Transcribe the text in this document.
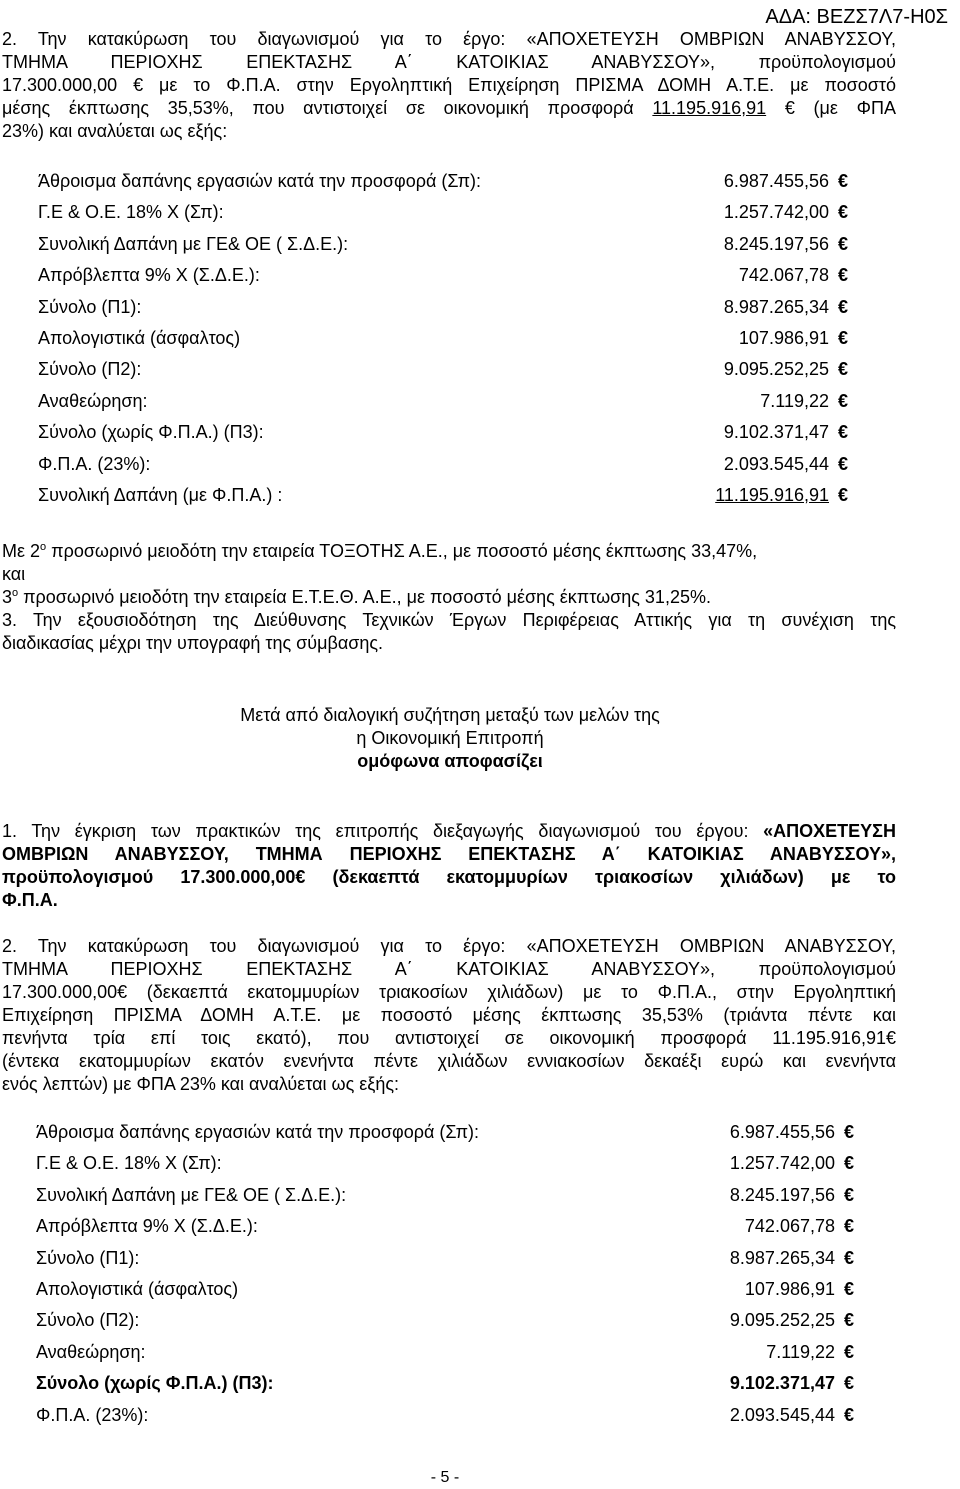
ΑΔΑ: ΒΕΖΣ7Λ7-Η0Σ
2. Την κατακύρωση του διαγωνισμού για το έργο: «ΑΠΟΧΕΤΕΥΣΗ ΟΜΒΡΙΩΝ ΑΝΑΒΥΣΣΟΥ,
ΤΜΗΜΑ ΠΕΡΙΟΧΗΣ ΕΠΕΚΤΑΣΗΣ Α΄ ΚΑΤΟΙΚΙΑΣ ΑΝΑΒΥΣΣΟΥ», προϋπολογισμού
17.300.000,00 € με το Φ.Π.Α. στην Εργοληπτική Επιχείρηση ΠΡΙΣΜΑ ΔΟΜΗ Α.Τ.Ε. με ποσοστό
μέσης έκπτωσης 35,53%, που αντιστοιχεί σε οικονομική προσφορά 11.195.916,91 € (με ΦΠΑ
23%) και αναλύεται ως εξής:
Άθροισμα δαπάνης εργασιών κατά την προσφορά (Σπ):	6.987.455,56 €
Γ.Ε & Ο.Ε. 18% Χ (Σπ):	1.257.742,00 €
Συνολική Δαπάνη με ΓΕ& ΟΕ ( Σ.Δ.Ε.):	8.245.197,56 €
Απρόβλεπτα 9% Χ (Σ.Δ.Ε.):	742.067,78 €
Σύνολο (Π1):	8.987.265,34 €
Απολογιστικά (άσφαλτος)	107.986,91 €
Σύνολο (Π2):	9.095.252,25 €
Αναθεώρηση:	7.119,22 €
Σύνολο (χωρίς Φ.Π.Α.) (Π3):	9.102.371,47 €
Φ.Π.Α. (23%):	2.093.545,44 €
Συνολική Δαπάνη (με Φ.Π.Α.) :	11.195.916,91 €
Με $2^o$ προσωρινό μειοδότη την εταιρεία ΤΟΞΟΤΗΣ Α.Ε., με ποσοστό μέσης έκπτωσης 33,47%,
και
$3^o$ προσωρινό μειοδότη την εταιρεία Ε.Τ.Ε.Θ. Α.Ε., με ποσοστό μέσης έκπτωσης 31,25%.
3. Την εξουσιοδότηση της Διεύθυνσης Τεχνικών Έργων Περιφέρειας Αττικής για τη συνέχιση της
διαδικασίας μέχρι την υπογραφή της σύμβασης.
Μετά από διαλογική συζήτηση μεταξύ των μελών της
η Οικονομική Επιτροπή
ομόφωνα αποφασίζει
1. Την έγκριση των πρακτικών της επιτροπής διεξαγωγής διαγωνισμού του έργου: «ΑΠΟΧΕΤΕΥΣΗ
ΟΜΒΡΙΩΝ ΑΝΑΒΥΣΣΟΥ, ΤΜΗΜΑ ΠΕΡΙΟΧΗΣ ΕΠΕΚΤΑΣΗΣ Α΄ ΚΑΤΟΙΚΙΑΣ ΑΝΑΒΥΣΣΟΥ»,
προϋπολογισμού 17.300.000,00€ (δεκαεπτά εκατομμυρίων τριακοσίων χιλιάδων) με το
Φ.Π.Α.
2. Την κατακύρωση του διαγωνισμού για το έργο: «ΑΠΟΧΕΤΕΥΣΗ ΟΜΒΡΙΩΝ ΑΝΑΒΥΣΣΟΥ,
ΤΜΗΜΑ ΠΕΡΙΟΧΗΣ ΕΠΕΚΤΑΣΗΣ Α΄ ΚΑΤΟΙΚΙΑΣ ΑΝΑΒΥΣΣΟΥ», προϋπολογισμού
17.300.000,00€ (δεκαεπτά εκατομμυρίων τριακοσίων χιλιάδων) με το Φ.Π.Α., στην Εργοληπτική
Επιχείρηση ΠΡΙΣΜΑ ΔΟΜΗ Α.Τ.Ε. με ποσοστό μέσης έκπτωσης 35,53% (τριάντα πέντε και
πενήντα τρία επί τοις εκατό), που αντιστοιχεί σε οικονομική προσφορά 11.195.916,91€
(έντεκα εκατομμυρίων εκατόν ενενήντα πέντε χιλιάδων εννιακοσίων δεκαέξι ευρώ και ενενήντα
ενός λεπτών) με ΦΠΑ 23% και αναλύεται ως εξής:
Άθροισμα δαπάνης εργασιών κατά την προσφορά (Σπ):	6.987.455,56 €
Γ.Ε & Ο.Ε. 18% Χ (Σπ):	1.257.742,00 €
Συνολική Δαπάνη με ΓΕ& ΟΕ ( Σ.Δ.Ε.):	8.245.197,56 €
Απρόβλεπτα 9% Χ (Σ.Δ.Ε.):	742.067,78 €
Σύνολο (Π1):	8.987.265,34 €
Απολογιστικά (άσφαλτος)	107.986,91 €
Σύνολο (Π2):	9.095.252,25 €
Αναθεώρηση:	7.119,22 €
Σύνολο (χωρίς Φ.Π.Α.) (Π3):	9.102.371,47 €
Φ.Π.Α. (23%):	2.093.545,44 €
- 5 -
